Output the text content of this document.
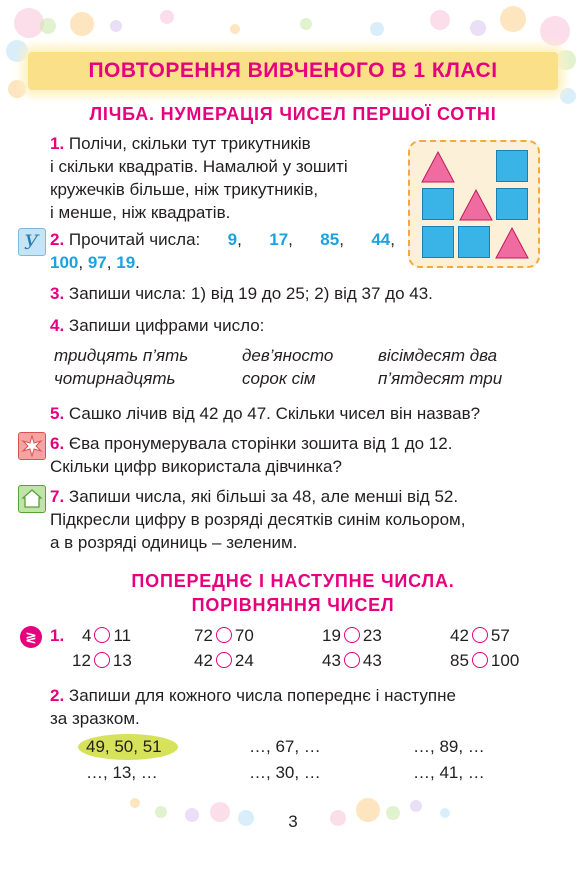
ПОВТОРЕННЯ ВИВЧЕНОГО В 1 КЛАСІ
ЛІЧБА. НУМЕРАЦІЯ ЧИСЕЛ ПЕРШОЇ СОТНІ
1. Полічи, скільки тут трикутників
і скільки квадратів. Намалюй у зошиті
кружечків більше, ніж трикутників,
і менше, ніж квадратів.
У 2. Прочитай числа: 9, 17, 85, 44,
100, 97, 19.
3. Запиши числа: 1) від 19 до 25; 2) від 37 до 43.
4. Запиши цифрами число:
тридцять п’ять	дев’яносто	вісімдесят два
чотирнадцять	сорок сім	п’ятдесят три
5. Сашко лічив від 42 до 47. Скільки чисел він назвав?
6. Єва пронумерувала сторінки зошита від 1 до 12.
Скільки цифр використала дівчинка?
7. Запиши числа, які більші за 48, але менші від 52.
Підкресли цифру в розряді десятків синім кольором,
а в розряді одиниць – зеленим.
ПОПЕРЕДНЄ І НАСТУПНЕ ЧИСЛА.
ПОРІВНЯННЯ ЧИСЕЛ
≷ 1. 4 11	72 70	19 23	42 57
12 13	42 24	43 43	85 100
2. Запиши для кожного числа попереднє і наступне
за зразком.
49, 50, 51	…, 67, …	…, 89, …
…, 13, …	…, 30, …	…, 41, …
3
